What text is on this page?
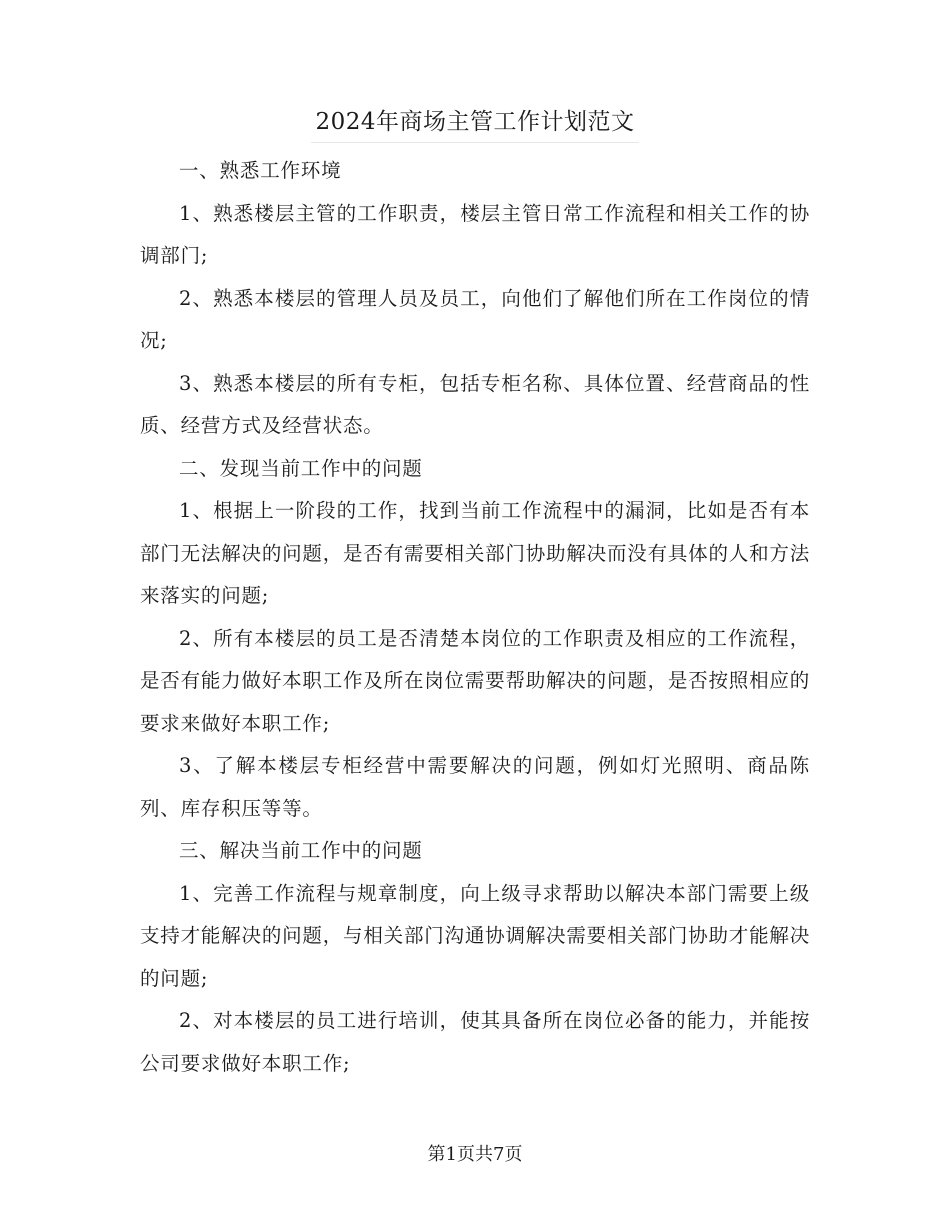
2024年商场主管工作计划范文

一、熟悉工作环境

1、熟悉楼层主管的工作职责，楼层主管日常工作流程和相关工作的协调部门;

2、熟悉本楼层的管理人员及员工，向他们了解他们所在工作岗位的情况;

3、熟悉本楼层的所有专柜，包括专柜名称、具体位置、经营商品的性质、经营方式及经营状态。

二、发现当前工作中的问题

1、根据上一阶段的工作，找到当前工作流程中的漏洞，比如是否有本部门无法解决的问题，是否有需要相关部门协助解决而没有具体的人和方法来落实的问题;

2、所有本楼层的员工是否清楚本岗位的工作职责及相应的工作流程，是否有能力做好本职工作及所在岗位需要帮助解决的问题，是否按照相应的要求来做好本职工作;

3、了解本楼层专柜经营中需要解决的问题，例如灯光照明、商品陈列、库存积压等等。

三、解决当前工作中的问题

1、完善工作流程与规章制度，向上级寻求帮助以解决本部门需要上级支持才能解决的问题，与相关部门沟通协调解决需要相关部门协助才能解决的问题;

2、对本楼层的员工进行培训，使其具备所在岗位必备的能力，并能按公司要求做好本职工作;

第1页共7页
